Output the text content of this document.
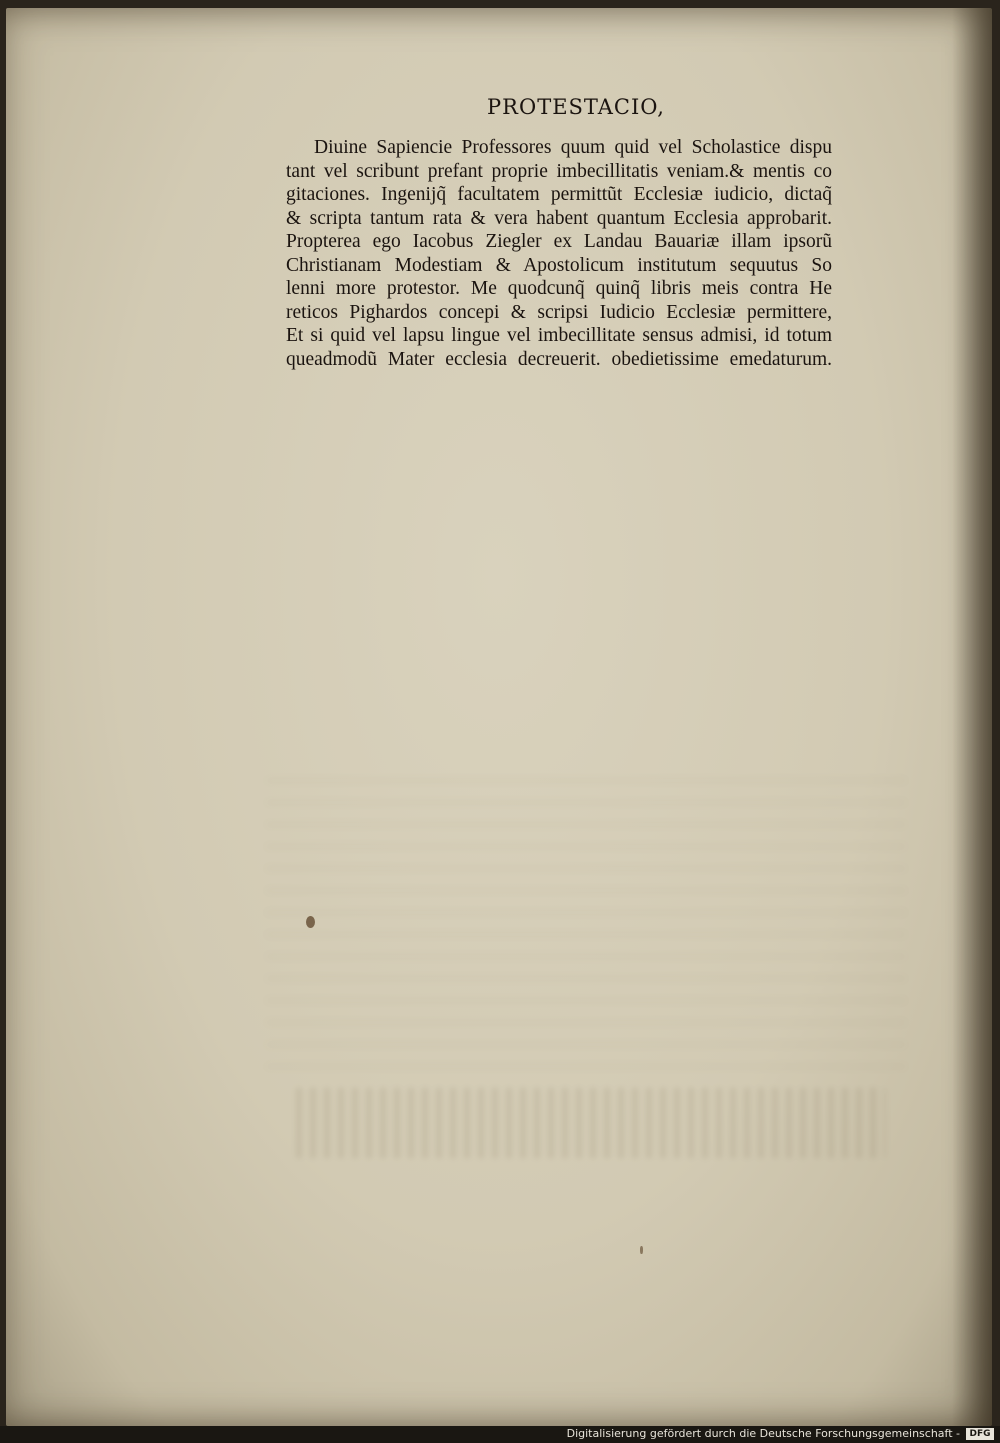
PROTESTACIO,
Diuine Sapiencie Professores quum quid vel Scholastice dispu
tant vel scribunt prefant proprie imbecillitatis veniam.& mentis co
gitaciones. Ingenijq̃ facultatem permittũt Ecclesiæ iudicio, dictaq̃
& scripta tantum rata & vera habent quantum Ecclesia approbarit.
Propterea ego Iacobus Ziegler ex Landau Bauariæ illam ipsorũ
Christianam Modestiam & Apostolicum institutum sequutus So
lenni more protestor. Me quodcunq̃ quinq̃ libris meis contra He
reticos Pighardos concepi & scripsi Iudicio Ecclesiæ permittere,
Et si quid vel lapsu lingue vel imbecillitate sensus admisi, id totum
queadmodũ Mater ecclesia decreuerit. obedietissime emedaturum.
Digitalisierung gefördert durch die Deutsche Forschungsgemeinschaft -	DFG
